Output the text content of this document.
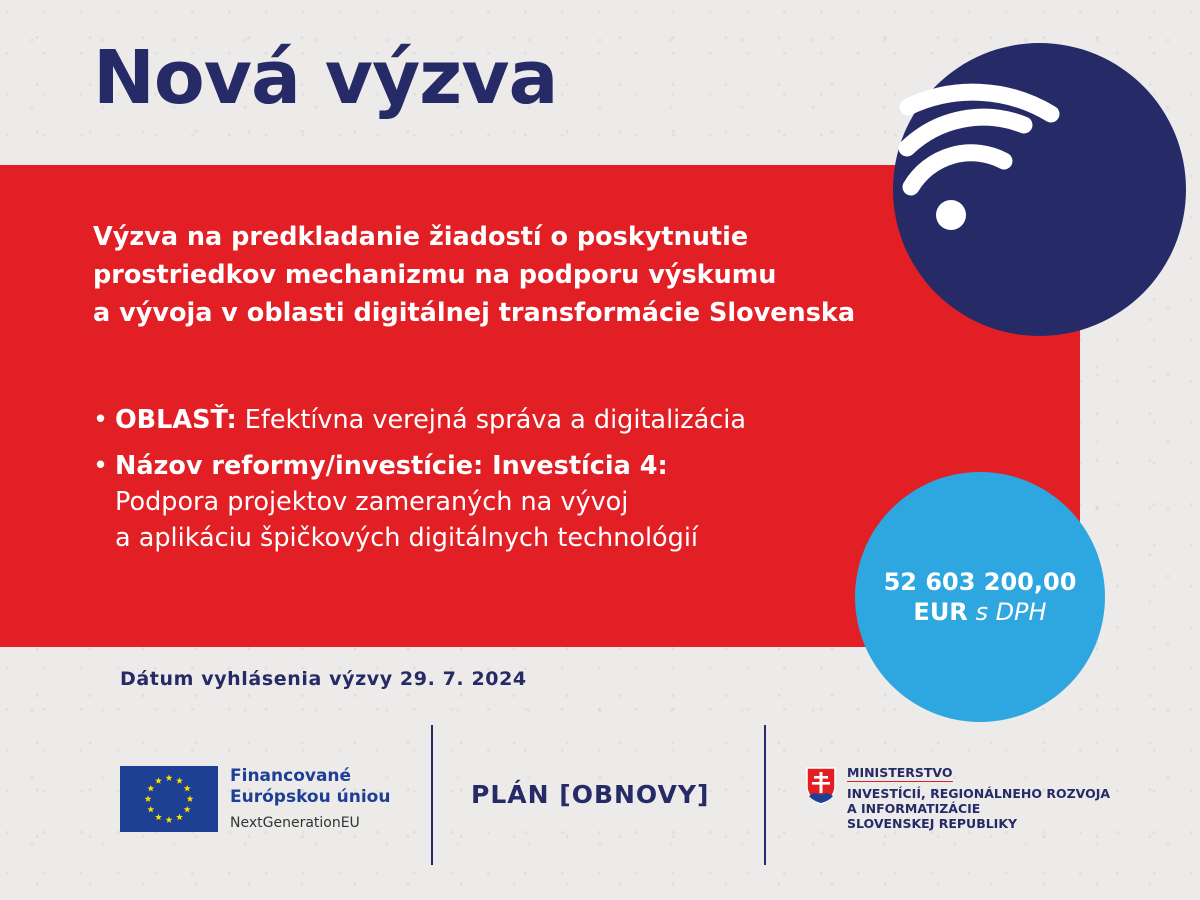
Nová výzva

Výzva na predkladanie žiadostí o poskytnutie
prostriedkov mechanizmu na podporu výskumu
a vývoja v oblasti digitálnej transformácie Slovenska

• OBLASŤ: Efektívna verejná správa a digitalizácia
• Názov reformy/investície: Investícia 4:
Podpora projektov zameraných na vývoj
a aplikáciu špičkových digitálnych technológií
52 603 200,00
EUR s DPH

Dátum vyhlásenia výzvy 29. 7. 2024

Financované
Európskou úniou
NextGenerationEU
PLÁN [OBNOVY]
MINISTERSTVO
INVESTÍCIÍ, REGIONÁLNEHO ROZVOJA
A INFORMATIZÁCIE
SLOVENSKEJ REPUBLIKY
